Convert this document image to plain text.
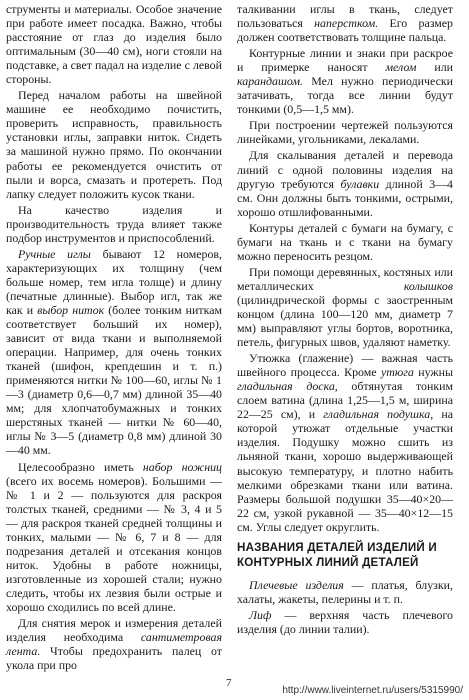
струменты и материалы. Особое значение при работе имеет посадка. Важно, чтобы расстояние от глаз до изделия было оптимальным (30—40 см), ноги стояли на подставке, а свет падал на изделие с левой стороны.

Перед началом работы на швейной машине ее необходимо почистить, проверить исправность, правильность установки иглы, заправки ниток. Сидеть за машиной нужно прямо. По окончании работы ее рекомендуется очистить от пыли и ворса, смазать и протереть. Под лапку следует положить кусок ткани.

На качество изделия и производительность труда влияет также подбор инструментов и приспособлений.

Ручные иглы бывают 12 номеров, характеризующих их толщину (чем больше номер, тем игла толще) и длину (печатные длинные). Выбор игл, так же как и выбор ниток (более тонким ниткам соответствует больший их номер), зависит от вида ткани и выполняемой операции. Например, для очень тонких тканей (шифон, крепдешин и т. п.) применяются нитки № 100—60, иглы № 1—3 (диаметр 0,6—0,7 мм) длиной 35—40 мм; для хлопчатобумажных и тонких шерстяных тканей — нитки № 60—40, иглы № 3—5 (диаметр 0,8 мм) длиной 30—40 мм.

Целесообразно иметь набор ножниц (всего их восемь номеров). Большими — № 1 и 2 — пользуются для раскроя толстых тканей, средними — № 3, 4 и 5 — для раскроя тканей средней толщины и тонких, малыми — № 6, 7 и 8 — для подрезания деталей и отсекания концов ниток. Удобны в работе ножницы, изготовленные из хорошей стали; нужно следить, чтобы их лезвия были острые и хорошо сходились по всей длине.

Для снятия мерок и измерения деталей изделия необходима сантиметровая лента. Чтобы предохранить палец от укола при про

талкивании иглы в ткань, следует пользоваться наперстком. Его размер должен соответствовать толщине пальца.

Контурные линии и знаки при раскрое и примерке наносят мелом или карандашом. Мел нужно периодически затачивать, тогда все линии будут тонкими (0,5—1,5 мм).

При построении чертежей пользуются линейками, угольниками, лекалами.

Для скалывания деталей и перевода линий с одной половины изделия на другую требуются булавки длиной 3—4 см. Они должны быть тонкими, острыми, хорошо отшлифованными.

Контуры деталей с бумаги на бумагу, с бумаги на ткань и с ткани на бумагу можно переносить резцом.

При помощи деревянных, костяных или металлических колышков (цилиндрической формы с заостренным концом (длина 100—120 мм, диаметр 7 мм) выправляют углы бортов, воротника, петель, фигурных швов, удаляют наметку.

Утюжка (глажение) — важная часть швейного процесса. Кроме утюга нужны гладильная доска, обтянутая тонким слоем ватина (длина 1,25—1,5 м, ширина 22—25 см), и гладильная подушка, на которой утюжат отдельные участки изделия. Подушку можно сшить из льняной ткани, хорошо выдерживающей высокую температуру, и плотно набить мелкими обрезками ткани или ватина. Размеры большой подушки 35—40×20—22 см, узкой рукавной — 35—40×12—15 см. Углы следует округлить.

НАЗВАНИЯ ДЕТАЛЕЙ ИЗДЕЛИЙ И КОНТУРНЫХ ЛИНИЙ ДЕТАЛЕЙ

Плечевые изделия — платья, блузки, халаты, жакеты, пелерины и т. п.

Лиф — верхняя часть плечевого изделия (до линии талии).

7
http://www.liveinternet.ru/users/5315990/
